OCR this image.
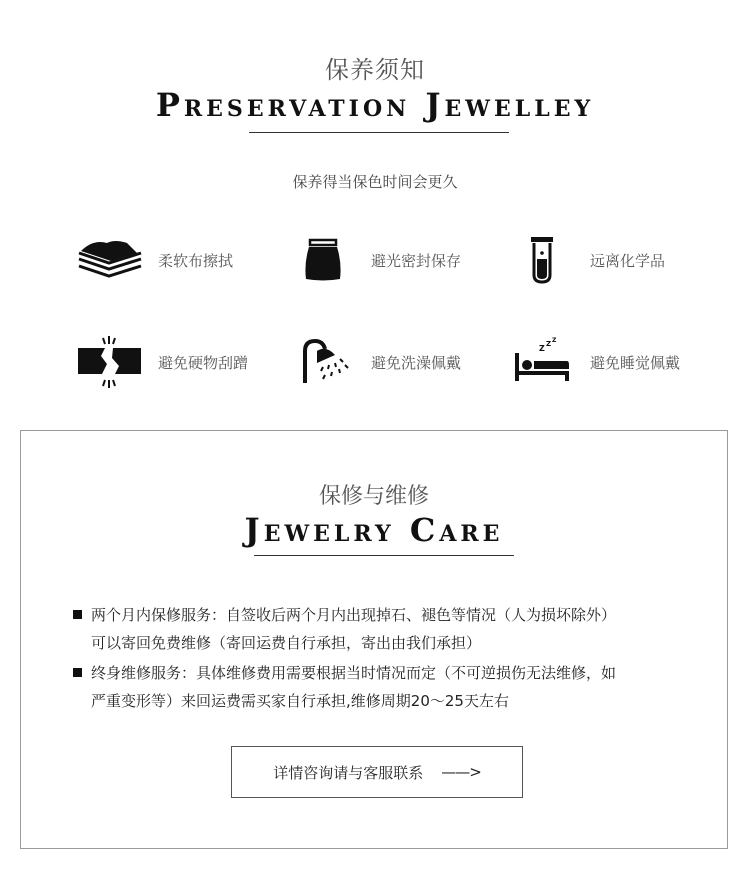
保养须知
Preservation Jewelley
保养得当保色时间会更久
柔软布擦拭	避光密封保存	远离化学品
避免硬物刮蹭	避免洗澡佩戴
Z Z Z
避免睡觉佩戴
保修与维修
Jewelry Care
两个月内保修服务：自签收后两个月内出现掉石、褪色等情况（人为损坏除外）
可以寄回免费维修（寄回运费自行承担，寄出由我们承担）
终身维修服务：具体维修费用需要根据当时情况而定（不可逆损伤无法维修，如
严重变形等）来回运费需买家自行承担,维修周期20～25天左右
详情咨询请与客服联系 ——>
